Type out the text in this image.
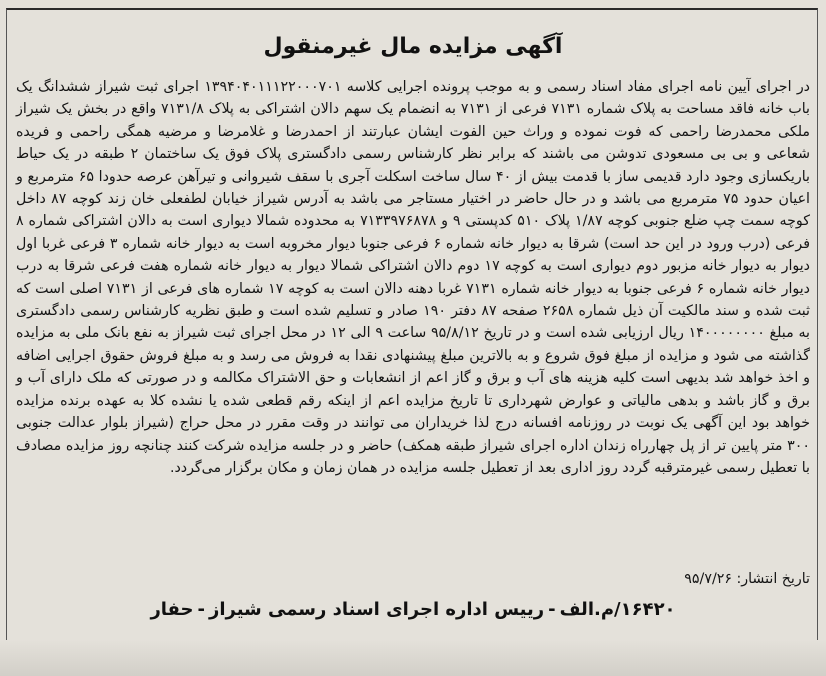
آگهی مزایده مال غیرمنقول
در اجرای آیین نامه اجرای مفاد اسناد رسمی و به موجب پرونده اجرایی کلاسه ۱۳۹۴۰۴۰۱۱۱۲۲۰۰۰۷۰۱ اجرای ثبت شیراز ششدانگ یک باب خانه فاقد مساحت به پلاک شماره ۷۱۳۱ فرعی از ۷۱۳۱ به انضمام یک سهم دالان اشتراکی به پلاک ۷۱۳۱/۸ واقع در بخش یک شیراز ملکی محمدرضا راحمی که فوت نموده و وراث حین الفوت ایشان عبارتند از احمدرضا و غلامرضا و مرضیه همگی راحمی و فریده شعاعی و بی بی مسعودی تدوشن می باشند که برابر نظر کارشناس رسمی دادگستری پلاک فوق یک ساختمان ۲ طبقه در یک حیاط باریکسازی وجود دارد قدیمی ساز با قدمت بیش از ۴۰ سال ساخت اسکلت آجری با سقف شیروانی و تیرآهن عرصه حدودا ۶۵ مترمربع و اعیان حدود ۷۵ مترمربع می باشد و در حال حاضر در اختیار مستاجر می باشد به آدرس شیراز خیابان لطفعلی خان زند کوچه ۸۷ داخل کوچه سمت چپ ضلع جنوبی کوچه ۱/۸۷ پلاک ۵۱۰ کدپستی ۹ و ۷۱۳۳۹۷۶۸۷۸ به محدوده شمالا دیواری است به دالان اشتراکی شماره ۸ فرعی (درب ورود در این حد است) شرقا به دیوار خانه شماره ۶ فرعی جنوبا دیوار مخروبه است به دیوار خانه شماره ۳ فرعی غربا اول دیوار به دیوار خانه مزبور دوم دیواری است به کوچه ۱۷ دوم دالان اشتراکی شمالا دیوار به دیوار خانه شماره هفت فرعی شرقا به درب دیوار خانه شماره ۶ فرعی جنوبا به دیوار خانه شماره ۷۱۳۱ غربا دهنه دالان است به کوچه ۱۷ شماره های فرعی از ۷۱۳۱ اصلی است که ثبت شده و سند مالکیت آن ذیل شماره ۲۶۵۸ صفحه ۸۷ دفتر ۱۹۰ صادر و تسلیم شده است و طبق نظریه کارشناس رسمی دادگستری به مبلغ ۱۴۰۰۰۰۰۰۰۰ ریال ارزیابی شده است و در تاریخ ۹۵/۸/۱۲ ساعت ۹ الی ۱۲ در محل اجرای ثبت شیراز به نفع بانک ملی به مزایده گذاشته می شود و مزایده از مبلغ فوق شروع و به بالاترین مبلغ پیشنهادی نقدا به فروش می رسد و به مبلغ فروش حقوق اجرایی اضافه و اخذ خواهد شد بدیهی است کلیه هزینه های آب و برق و گاز اعم از انشعابات و حق الاشتراک مکالمه و در صورتی که ملک دارای آب و برق و گاز باشد و بدهی مالیاتی و عوارض شهرداری تا تاریخ مزایده اعم از اینکه رقم قطعی شده یا نشده کلا به عهده برنده مزایده خواهد بود این آگهی یک نوبت در روزنامه افسانه درج لذا خریداران می توانند در وقت مقرر در محل حراج (شیراز بلوار عدالت جنوبی ۳۰۰ متر پایین تر از پل چهارراه زندان اداره اجرای شیراز طبقه همکف) حاضر و در جلسه مزایده شرکت کنند چنانچه روز مزایده مصادف با تعطیل رسمی غیرمترقبه گردد روز اداری بعد از تعطیل جلسه مزایده در همان زمان و مکان برگزار می‌گردد.
تاریخ انتشار: ۹۵/۷/۲۶
۱۶۴۲۰/م.الف-رییس اداره اجرای اسناد رسمی شیراز-حفار
